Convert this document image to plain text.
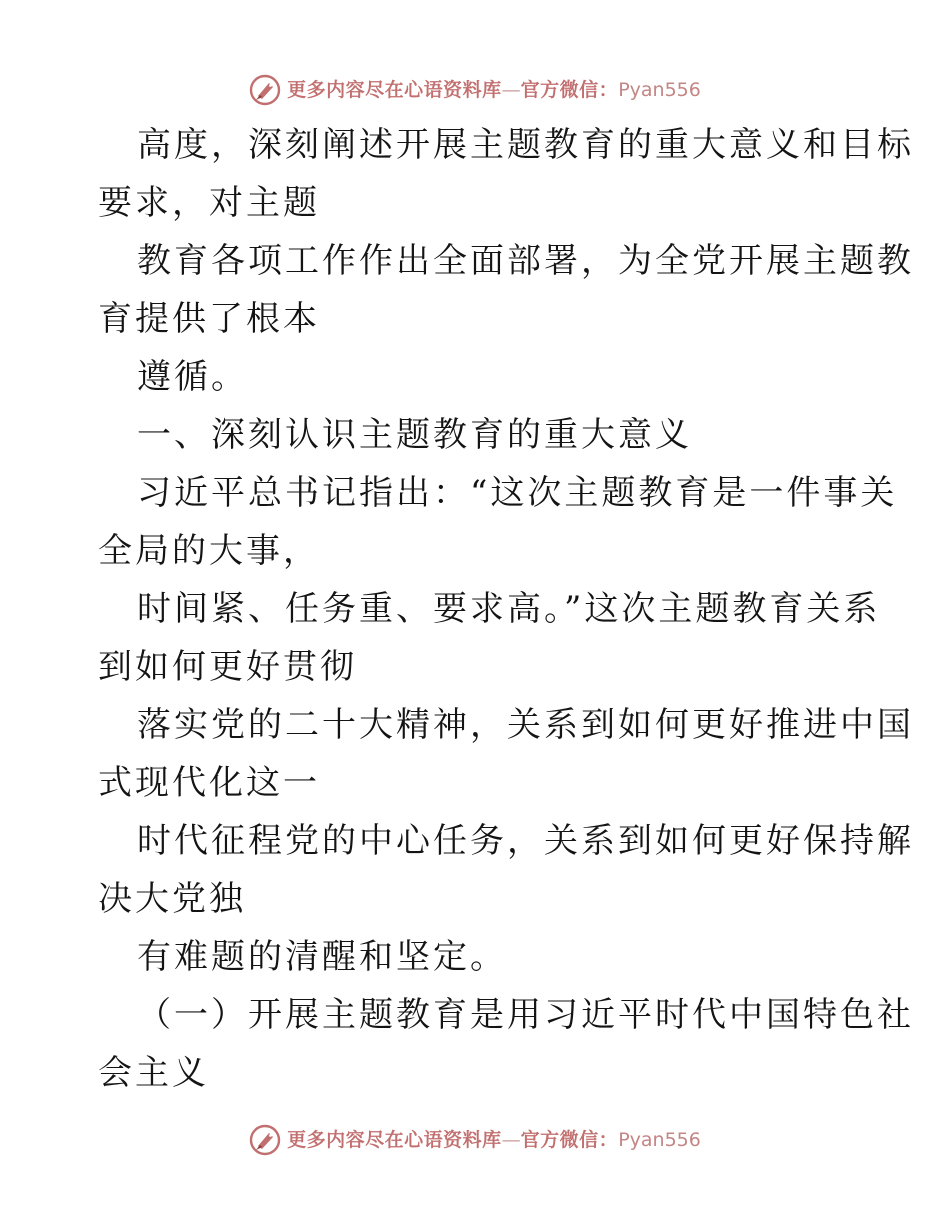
更多内容尽在心语资料库 — 官方微信： Pyan556
高度，深刻阐述开展主题教育的重大意义和目标
要求，对主题
教育各项工作作出全面部署，为全党开展主题教
育提供了根本
遵循。
一、深刻认识主题教育的重大意义
习近平总书记指出：“这次主题教育是一件事关
全局的大事，
时间紧、任务重、要求高。”这次主题教育关系
到如何更好贯彻
落实党的二十大精神，关系到如何更好推进中国
式现代化这一
时代征程党的中心任务，关系到如何更好保持解
决大党独
有难题的清醒和坚定。
（一）开展主题教育是用习近平时代中国特色社
会主义
更多内容尽在心语资料库 — 官方微信： Pyan556
